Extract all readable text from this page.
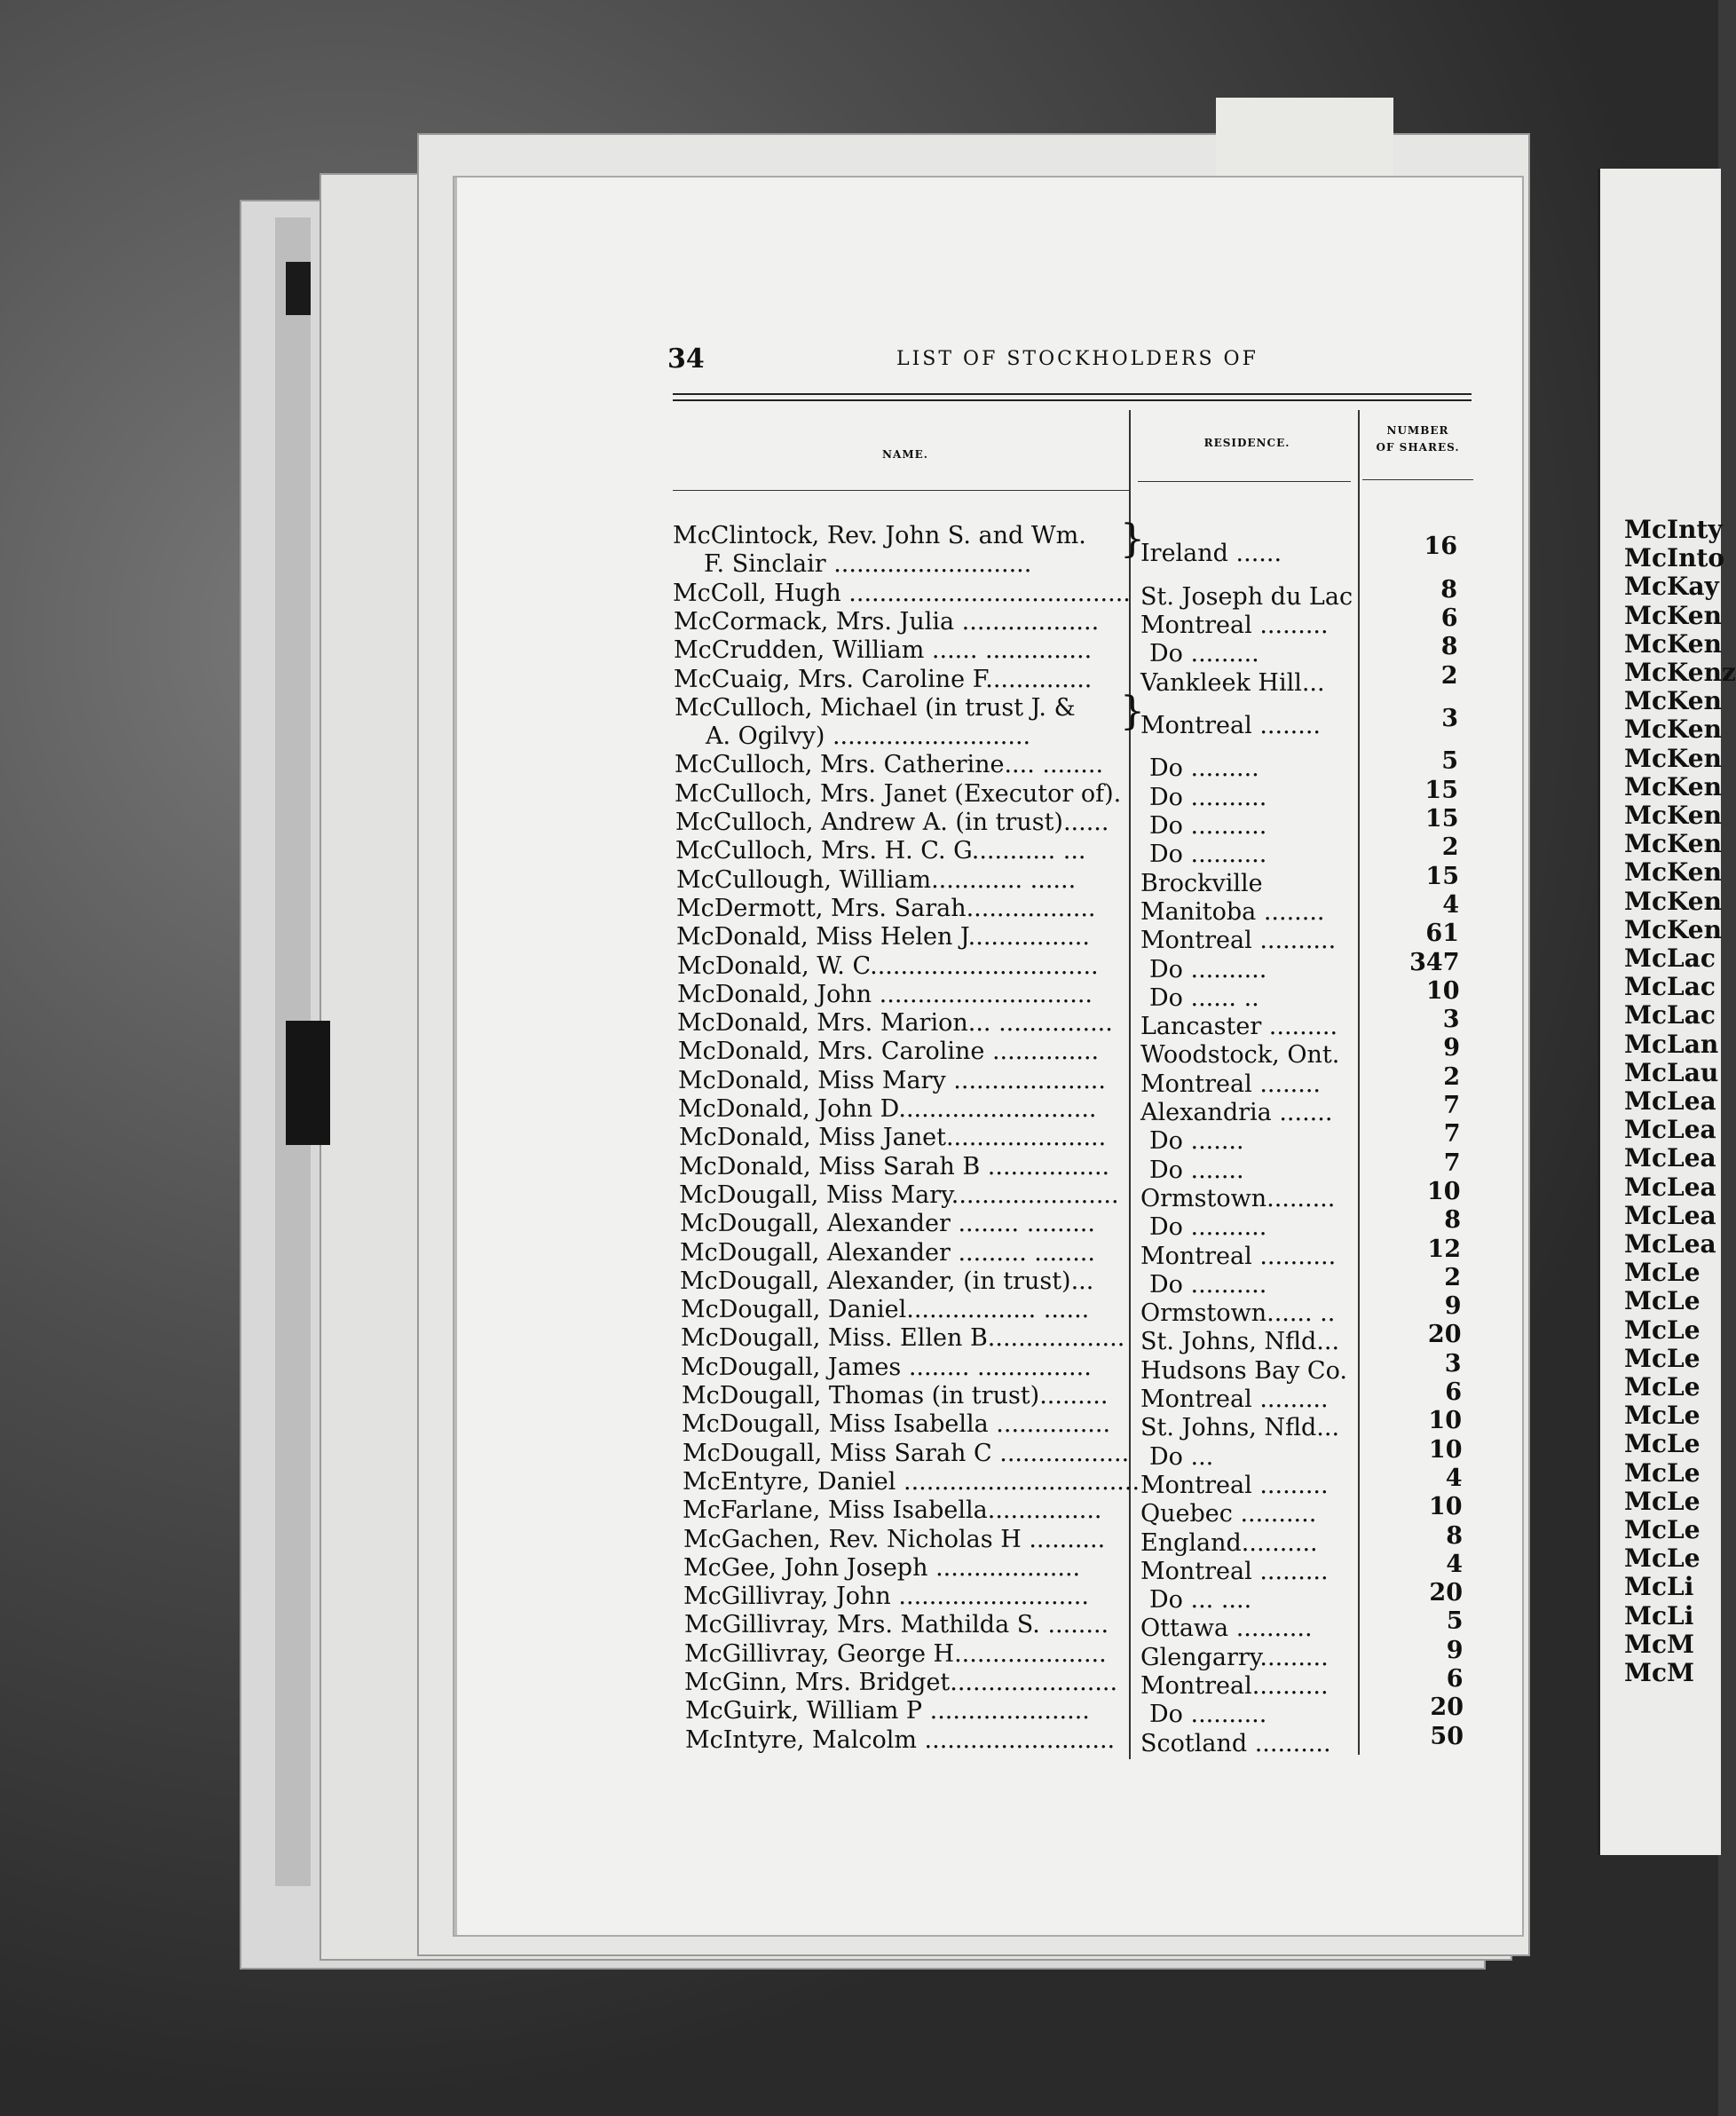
34	LIST OF STOCKHOLDERS OF
NAME.
RESIDENCE.
NUMBER
OF SHARES.
McClintock, Rev. John S. and Wm.
F. Sinclair ..........................
}
Ireland ......	16
McColl, Hugh ..................................... St. Joseph du Lac	8
McCormack, Mrs. Julia .................. Montreal .........	6
McCrudden, William ...... .............. Do .........	8
McCuaig, Mrs. Caroline F.............. Vankleek Hill...	2
McCulloch, Michael (in trust J. &
A. Ogilvy) ..........................
}
Montreal ........	3
McCulloch, Mrs. Catherine.... ........ Do .........	5
McCulloch, Mrs. Janet (Executor of). Do ..........	15
McCulloch, Andrew A. (in trust)...... Do ..........	15
McCulloch, Mrs. H. C. G........... ...	Do ..........	2
McCullough, William............ ......	Brockville	15
McDermott, Mrs. Sarah................. Manitoba ........	4
McDonald, Miss Helen J................ Montreal ..........	61
McDonald, W. C.............................. Do ..........	347
McDonald, John ............................ Do ...... ..	10
McDonald, Mrs. Marion... ............... Lancaster .........	3
McDonald, Mrs. Caroline .............. Woodstock, Ont.	9
McDonald, Miss Mary .................... Montreal ........	2
McDonald, John D.......................... Alexandria .......	7
McDonald, Miss Janet..................... Do .......	7
McDonald, Miss Sarah B ................ Do .......	7
McDougall, Miss Mary...................... Ormstown.........	10
McDougall, Alexander ........ ......... Do ..........	8
McDougall, Alexander ......... ........ Montreal ..........	12
McDougall, Alexander, (in trust)... Do ..........	2
McDougall, Daniel................. ...... Ormstown...... ..	9
McDougall, Miss. Ellen B.................. St. Johns, Nfld...	20
McDougall, James ........ ............... Hudsons Bay Co.	3
McDougall, Thomas (in trust)......... Montreal .........	6
McDougall, Miss Isabella ............... St. Johns, Nfld...	10
McDougall, Miss Sarah C ................. Do ...	10
McEntyre, Daniel ............................... Montreal .........	4
McFarlane, Miss Isabella............... Quebec ..........	10
McGachen, Rev. Nicholas H .......... England..........	8
McGee, John Joseph ...................	Montreal .........	4
McGillivray, John .........................	Do ... ....	20
McGillivray, Mrs. Mathilda S. ........ Ottawa ..........	5
McGillivray, George H.................... Glengarry.........	9
McGinn, Mrs. Bridget...................... Montreal..........	6
McGuirk, William P ..................... Do ..........	20
McIntyre, Malcolm ......................... Scotland ..........	50
McInty
McInto
McKay
McKen
McKen
McKenz
McKen
McKen
McKen
McKen
McKen
McKen
McKen
McKen
McKen
McLac
McLac
McLac
McLan
McLau
McLea
McLea
McLea
McLea
McLea
McLea
McLe
McLe
McLe
McLe
McLe
McLe
McLe
McLe
McLe
McLe
McLe
McLi
McLi
McM
McM
